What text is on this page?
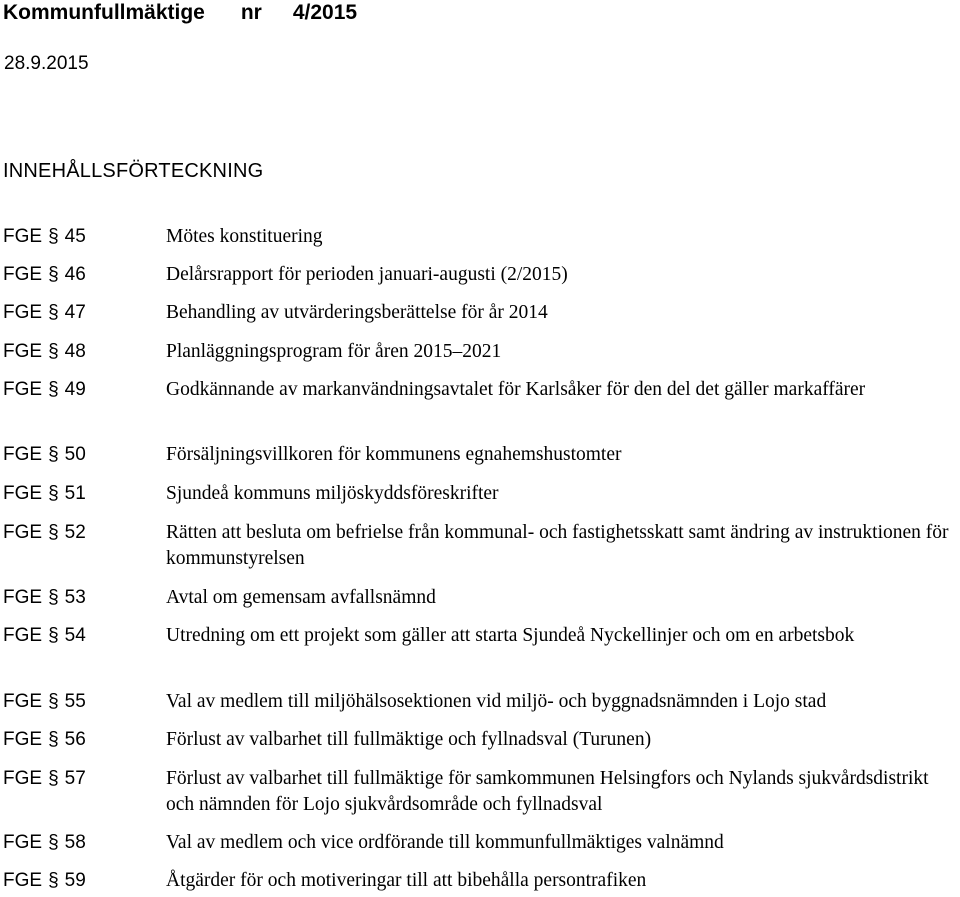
Kommunfullmäktige nr 4/2015
28.9.2015
INNEHÅLLSFÖRTECKNING
FGE § 45	Mötes konstituering
FGE § 46	Delårsrapport för perioden januari-augusti (2/2015)
FGE § 47	Behandling av utvärderingsberättelse för år 2014
FGE § 48	Planläggningsprogram för åren 2015–2021
FGE § 49	Godkännande av markanvändningsavtalet för Karlsåker för den del det gäller markaffärer
FGE § 50	Försäljningsvillkoren för kommunens egnahemshustomter
FGE § 51	Sjundeå kommuns miljöskyddsföreskrifter
FGE § 52	Rätten att besluta om befrielse från kommunal- och fastighetsskatt samt ändring av instruktionen för kommunstyrelsen
FGE § 53	Avtal om gemensam avfallsnämnd
FGE § 54	Utredning om ett projekt som gäller att starta Sjundeå Nyckellinjer och om en arbetsbok
FGE § 55	Val av medlem till miljöhälsosektionen vid miljö- och byggnadsnämnden i Lojo stad
FGE § 56	Förlust av valbarhet till fullmäktige och fyllnadsval (Turunen)
FGE § 57	Förlust av valbarhet till fullmäktige för samkommunen Helsingfors och Nylands sjukvårdsdistrikt och nämnden för Lojo sjukvårdsområde och fyllnadsval
FGE § 58	Val av medlem och vice ordförande till kommunfullmäktiges valnämnd
FGE § 59	Åtgärder för och motiveringar till att bibehålla persontrafiken
